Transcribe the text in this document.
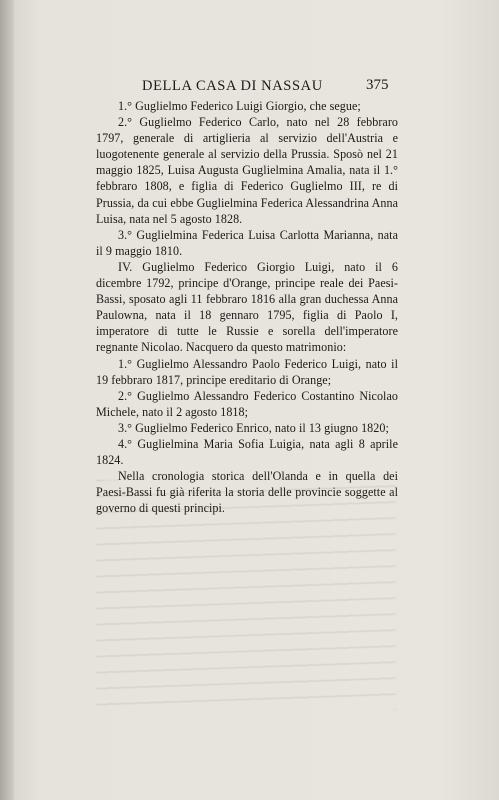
DELLA CASA DI NASSAU	375

1.° Guglielmo Federico Luigi Giorgio, che segue;

2.° Guglielmo Federico Carlo, nato nel 28 febbraro 1797, generale di artiglieria al servizio dell'Austria e luogotenente generale al servizio della Prussia. Sposò nel 21 maggio 1825, Luisa Augusta Guglielmina Amalia, nata il 1.° febbraro 1808, e figlia di Federico Guglielmo III, re di Prussia, da cui ebbe Guglielmina Federica Alessandrina Anna Luisa, nata nel 5 agosto 1828.

3.° Guglielmina Federica Luisa Carlotta Marianna, nata il 9 maggio 1810.

IV. Guglielmo Federico Giorgio Luigi, nato il 6 dicembre 1792, principe d'Orange, principe reale dei Paesi-Bassi, sposato agli 11 febbraro 1816 alla gran duchessa Anna Paulowna, nata il 18 gennaro 1795, figlia di Paolo I, imperatore di tutte le Russie e sorella dell'imperatore regnante Nicolao. Nacquero da questo matrimonio:

1.° Guglielmo Alessandro Paolo Federico Luigi, nato il 19 febbraro 1817, principe ereditario di Orange;

2.° Guglielmo Alessandro Federico Costantino Nicolao Michele, nato il 2 agosto 1818;

3.° Guglielmo Federico Enrico, nato il 13 giugno 1820;

4.° Guglielmina Maria Sofia Luigia, nata agli 8 aprile 1824.

Nella cronologia storica dell'Olanda e in quella dei Paesi-Bassi fu già riferita la storia delle provincie soggette al governo di questi principi.
